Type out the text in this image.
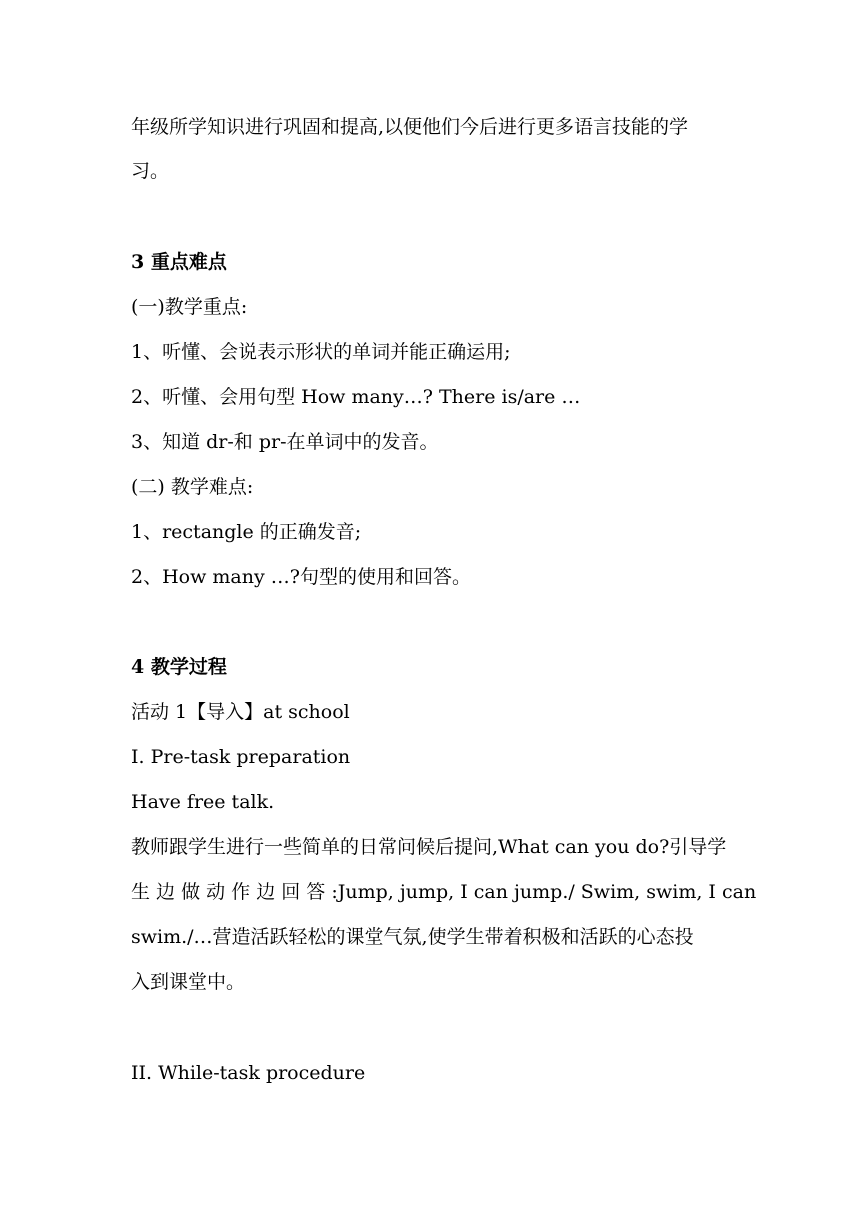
年级所学知识进行巩固和提高,以便他们今后进行更多语言技能的学
习。
3 重点难点
(一)教学重点:
1、听懂、会说表示形状的单词并能正确运用;
2、听懂、会用句型 How many…? There is/are …
3、知道 dr-和 pr-在单词中的发音。
(二) 教学难点:
1、rectangle 的正确发音;
2、How many …?句型的使用和回答。
4 教学过程
活动 1【导入】at school
I. Pre-task preparation
Have free talk.
教师跟学生进行一些简单的日常问候后提问,What can you do?引导学
生 边 做 动 作 边 回 答 :Jump, jump, I can jump./ Swim, swim, I can
swim./…营造活跃轻松的课堂气氛,使学生带着积极和活跃的心态投
入到课堂中。
II. While-task procedure
